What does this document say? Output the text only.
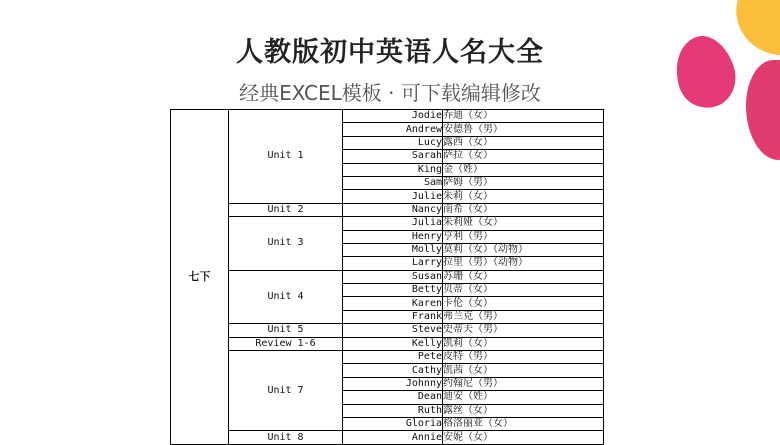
人教版初中英语人名大全
经典EXCEL模板 · 可下载编辑修改
七下	Unit 1	Jodie	乔迪（女）
		Andrew	安德鲁（男）
		Lucy	露西（女）
		Sarah	萨拉（女）
		King	金（姓）
		Sam	萨姆（男）
		Julie	朱莉（女）
	Unit 2	Nancy	南希（女）
	Unit 3	Julia	朱莉娅（女）
		Henry	亨利（男）
		Molly	莫莉（女）（动物）
		Larry	拉里（男）（动物）
	Unit 4	Susan	苏珊（女）
		Betty	贝蒂（女）
		Karen	卡伦（女）
		Frank	弗兰克（男）
	Unit 5	Steve	史蒂夫（男）
	Review 1-6	Kelly	凯莉（女）
	Unit 7	Pete	皮特（男）
		Cathy	凯茜（女）
		Johnny	约翰尼（男）
		Dean	迪安（姓）
		Ruth	露丝（女）
		Gloria	格洛丽亚（女）
	Unit 8	Annie	安妮（女）
